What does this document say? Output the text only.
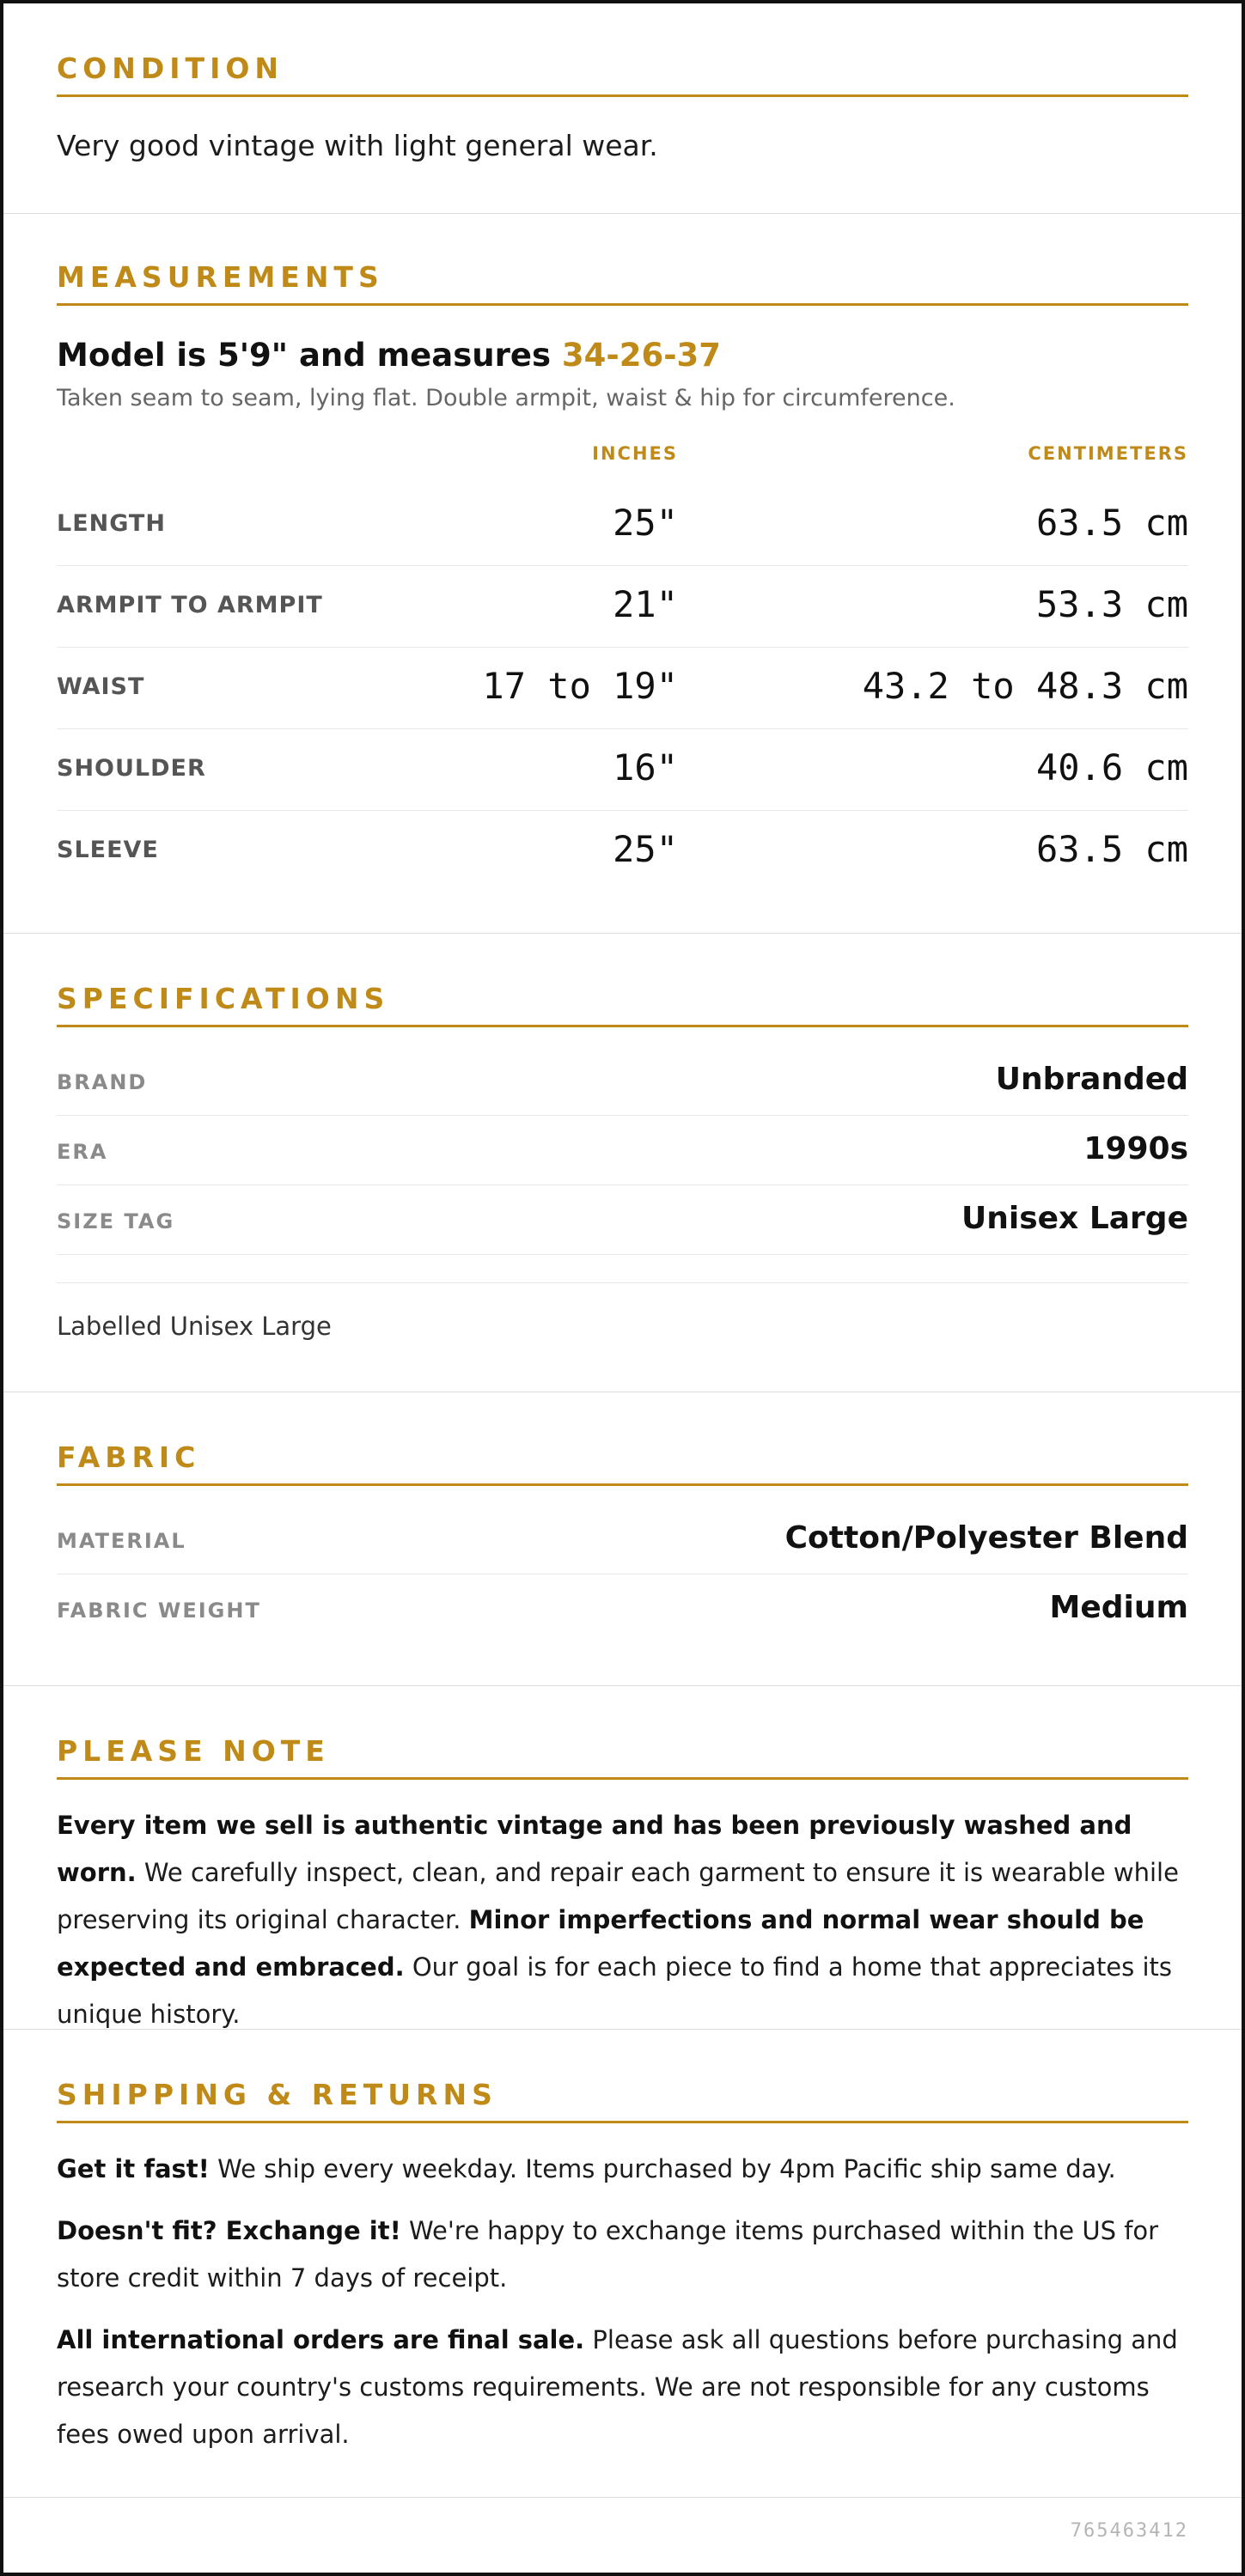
CONDITION
Very good vintage with light general wear.
MEASUREMENTS
Model is 5'9" and measures 34-26-37
Taken seam to seam, lying flat. Double armpit, waist & hip for circumference.
INCHES	CENTIMETERS
LENGTH	25"	63.5 cm
ARMPIT TO ARMPIT	21"	53.3 cm
WAIST	17 to 19"	43.2 to 48.3 cm
SHOULDER	16"	40.6 cm
SLEEVE	25"	63.5 cm
SPECIFICATIONS
BRAND	Unbranded
ERA	1990s
SIZE TAG	Unisex Large
Labelled Unisex Large
FABRIC
MATERIAL	Cotton/Polyester Blend
FABRIC WEIGHT	Medium
PLEASE NOTE
Every item we sell is authentic vintage and has been previously washed and worn. We carefully inspect, clean, and repair each garment to ensure it is wearable while preserving its original character. Minor imperfections and normal wear should be expected and embraced. Our goal is for each piece to find a home that appreciates its unique history.
SHIPPING & RETURNS

Get it fast! We ship every weekday. Items purchased by 4pm Pacific ship same day.

Doesn't fit? Exchange it! We're happy to exchange items purchased within the US for store credit within 7 days of receipt.

All international orders are final sale. Please ask all questions before purchasing and research your country's customs requirements. We are not responsible for any customs fees owed upon arrival.

765463412
